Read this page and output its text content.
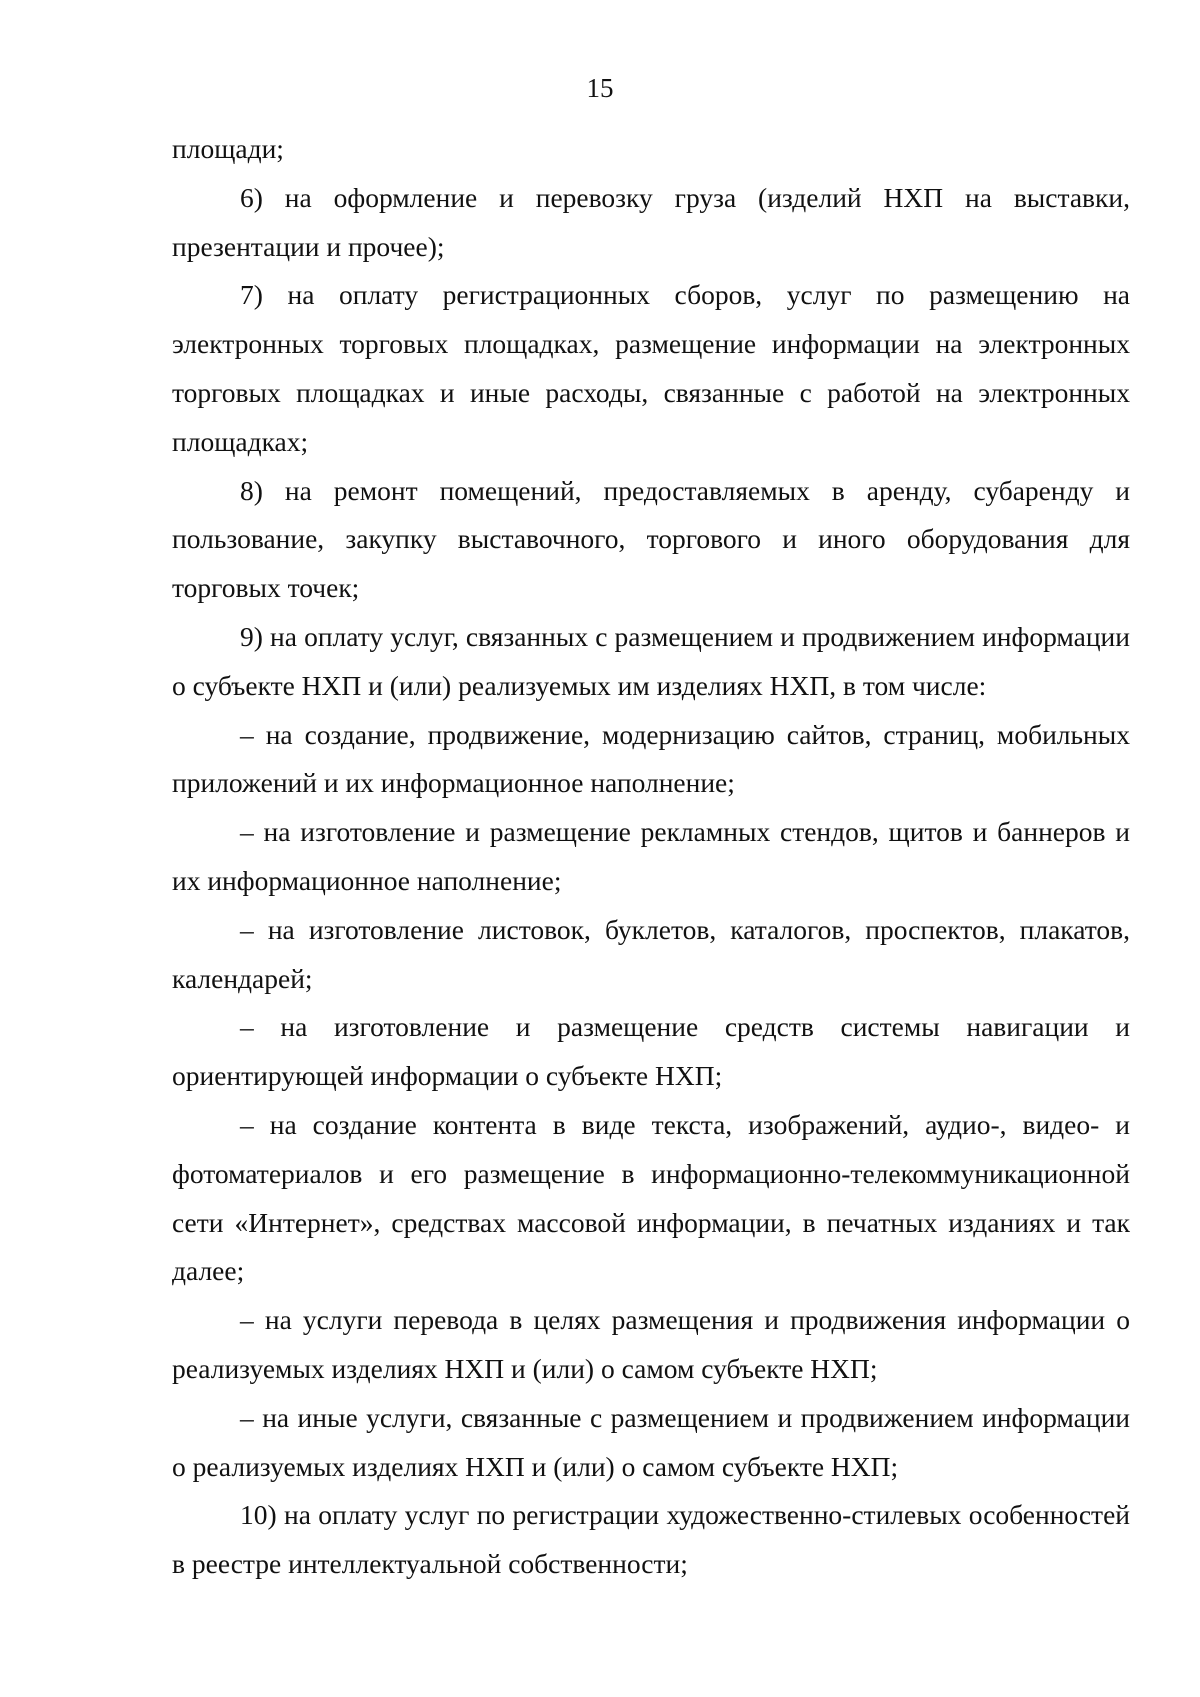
15

площади;

6) на оформление и перевозку груза (изделий НХП на выставки, презентации и прочее);

7) на оплату регистрационных сборов, услуг по размещению на электронных торговых площадках, размещение информации на электронных торговых площадках и иные расходы, связанные с работой на электронных площадках;

8) на ремонт помещений, предоставляемых в аренду, субаренду и пользование, закупку выставочного, торгового и иного оборудования для торговых точек;

9) на оплату услуг, связанных с размещением и продвижением информации о субъекте НХП и (или) реализуемых им изделиях НХП, в том числе:

– на создание, продвижение, модернизацию сайтов, страниц, мобильных приложений и их информационное наполнение;

– на изготовление и размещение рекламных стендов, щитов и баннеров и их информационное наполнение;

– на изготовление листовок, буклетов, каталогов, проспектов, плакатов, календарей;

– на изготовление и размещение средств системы навигации и ориентирующей информации о субъекте НХП;

– на создание контента в виде текста, изображений, аудио-, видео- и фотоматериалов и его размещение в информационно-телекоммуникационной сети «Интернет», средствах массовой информации, в печатных изданиях и так далее;

– на услуги перевода в целях размещения и продвижения информации о реализуемых изделиях НХП и (или) о самом субъекте НХП;

– на иные услуги, связанные с размещением и продвижением информации о реализуемых изделиях НХП и (или) о самом субъекте НХП;

10) на оплату услуг по регистрации художественно-стилевых особенностей в реестре интеллектуальной собственности;
